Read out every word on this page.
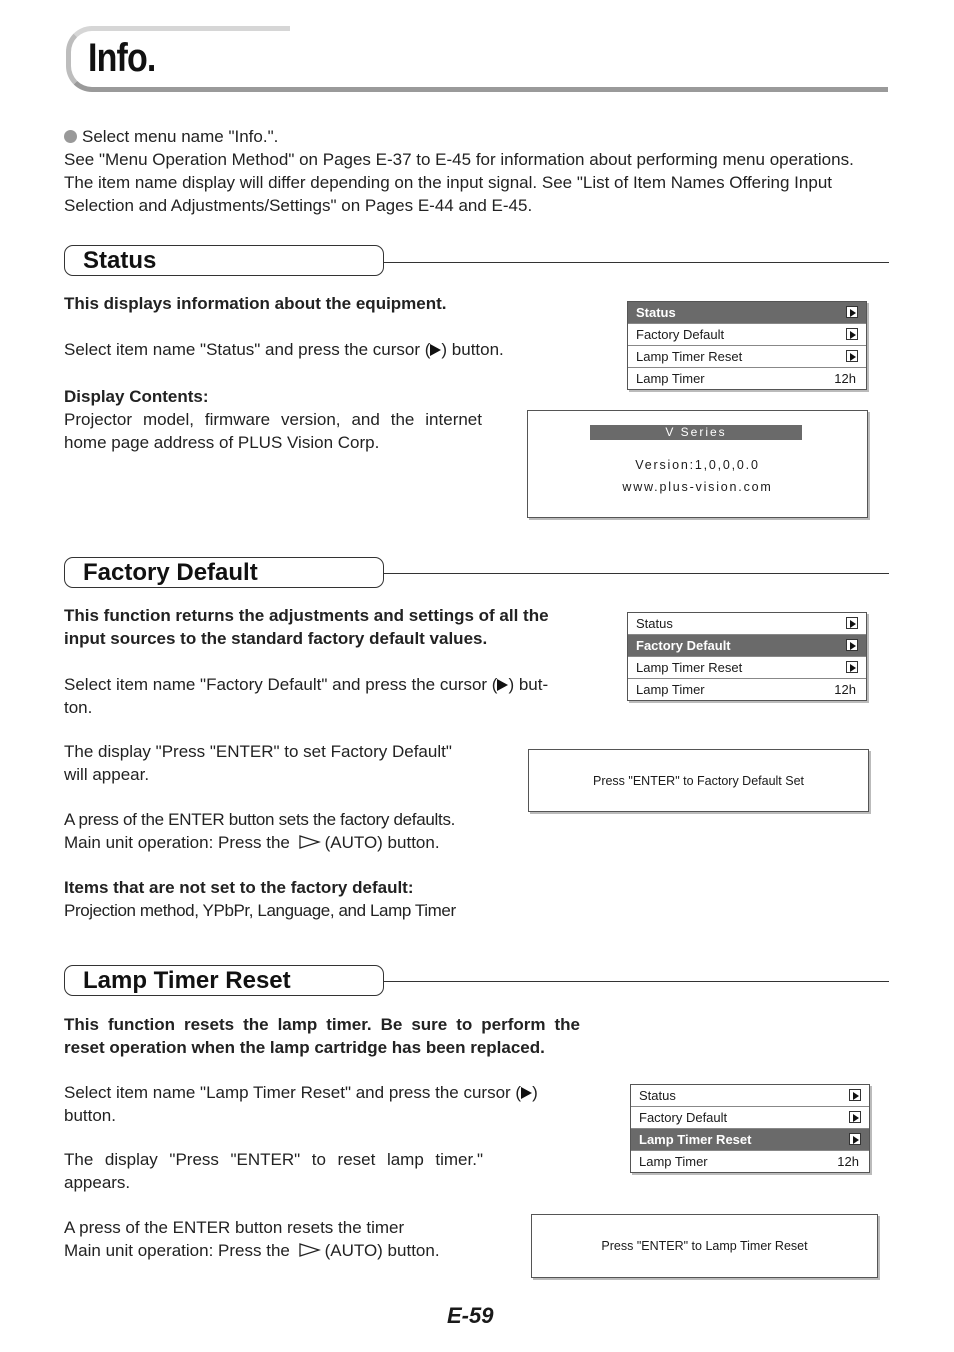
Info.
Select menu name "Info.".
See "Menu Operation Method" on Pages E-37 to E-45 for information about performing menu operations.
The item name display will differ depending on the input signal. See "List of Item Names Offering Input
Selection and Adjustments/Settings" on Pages E-44 and E-45.
Status
This displays information about the equipment.
Select item name "Status" and press the cursor ( ) button.
Display Contents:
Projector model, firmware version, and the internet
home page address of PLUS Vision Corp.
Status
Factory Default
Lamp Timer Reset
Lamp Timer	12h
V Series
Version:1,0,0,0.0
www.plus-vision.com
Factory Default
This function returns the adjustments and settings of all the
input sources to the standard factory default values.
Select item name "Factory Default" and press the cursor ( ) but-
ton.
The display "Press "ENTER" to set Factory Default"
will appear.
A press of the ENTER button sets the factory defaults.
Main unit operation: Press the (AUTO) button.
Items that are not set to the factory default:
Projection method, YPbPr, Language, and Lamp Timer
Status
Factory Default
Lamp Timer Reset
Lamp Timer	12h
Press "ENTER" to Factory Default Set
Lamp Timer Reset
This function resets the lamp timer. Be sure to perform the
reset operation when the lamp cartridge has been replaced.
Select item name "Lamp Timer Reset" and press the cursor ( )
button.
The display "Press "ENTER" to reset lamp timer."
appears.
A press of the ENTER button resets the timer
Main unit operation: Press the (AUTO) button.
Status
Factory Default
Lamp Timer Reset
Lamp Timer	12h
Press "ENTER" to Lamp Timer Reset
E-59
